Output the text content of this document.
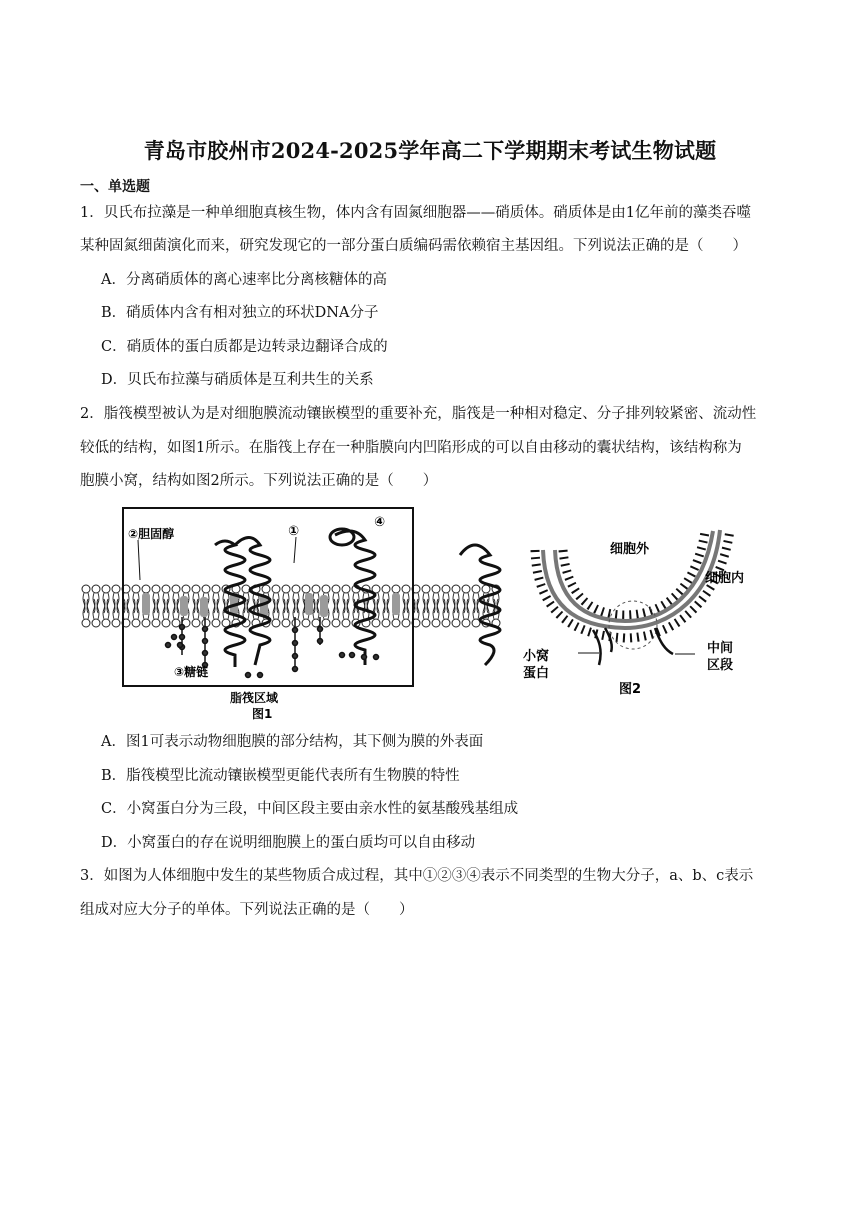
青岛市胶州市2024-2025学年高二下学期期末考试生物试题
一、单选题
1．贝氏布拉藻是一种单细胞真核生物，体内含有固氮细胞器——硝质体。硝质体是由1亿年前的藻类吞噬
某种固氮细菌演化而来，研究发现它的一部分蛋白质编码需依赖宿主基因组。下列说法正确的是（　　）
A．分离硝质体的离心速率比分离核糖体的高
B．硝质体内含有相对独立的环状DNA分子
C．硝质体的蛋白质都是边转录边翻译合成的
D．贝氏布拉藻与硝质体是互利共生的关系
2．脂筏模型被认为是对细胞膜流动镶嵌模型的重要补充，脂筏是一种相对稳定、分子排列较紧密、流动性
较低的结构，如图1所示。在脂筏上存在一种脂膜向内凹陷形成的可以自由移动的囊状结构，该结构称为
胞膜小窝，结构如图2所示。下列说法正确的是（　　）
②胆固醇	①
④
③糖链
脂筏区域
图1
细胞外
细胞内
小窝
蛋白
中间
区段
图2
A．图1可表示动物细胞膜的部分结构，其下侧为膜的外表面
B．脂筏模型比流动镶嵌模型更能代表所有生物膜的特性
C．小窝蛋白分为三段，中间区段主要由亲水性的氨基酸残基组成
D．小窝蛋白的存在说明细胞膜上的蛋白质均可以自由移动
3．如图为人体细胞中发生的某些物质合成过程，其中①②③④表示不同类型的生物大分子，a、b、c表示
组成对应大分子的单体。下列说法正确的是（　　）
